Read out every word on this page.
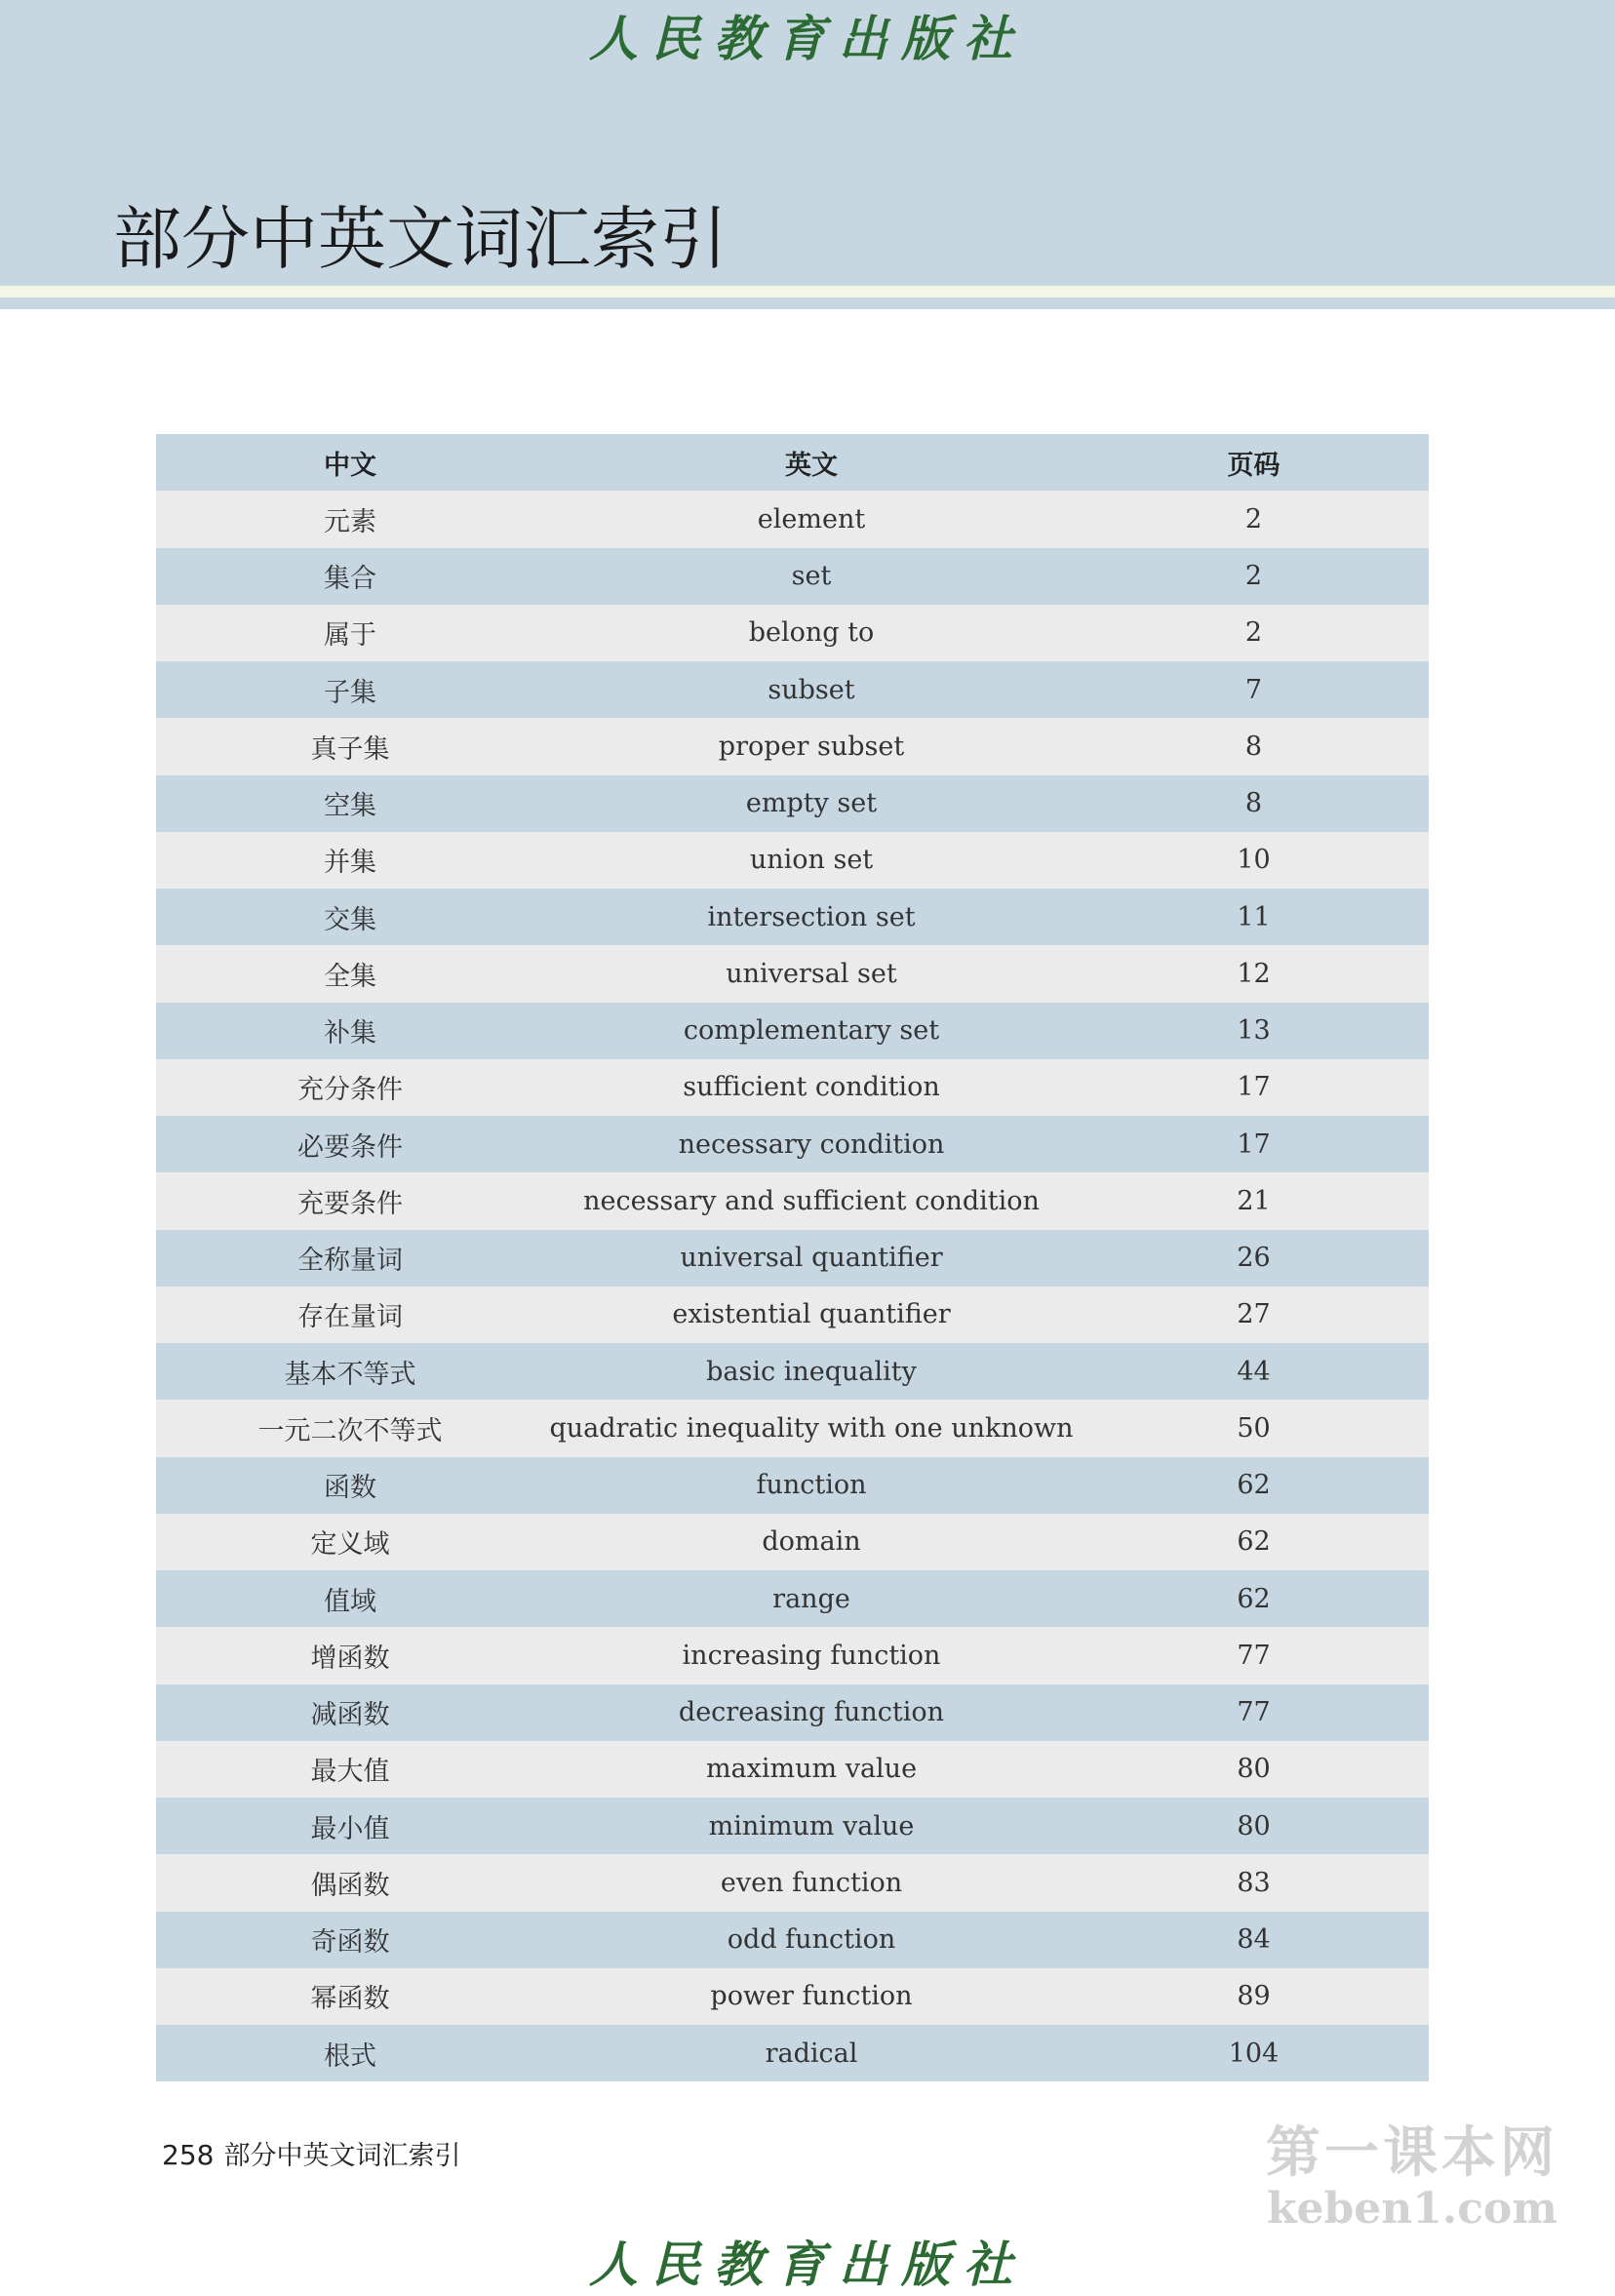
人民教育出版社
部分中英文词汇索引
中文	英文	页码
元素	element	2
集合	set	2
属于	belong to	2
子集	subset	7
真子集	proper subset	8
空集	empty set	8
并集	union set	10
交集	intersection set	11
全集	universal set	12
补集	complementary set	13
充分条件	sufficient condition	17
必要条件	necessary condition	17
充要条件	necessary and sufficient condition	21
全称量词	universal quantifier	26
存在量词	existential quantifier	27
基本不等式	basic inequality	44
一元二次不等式	quadratic inequality with one unknown	50
函数	function	62
定义域	domain	62
值域	range	62
增函数	increasing function	77
减函数	decreasing function	77
最大值	maximum value	80
最小值	minimum value	80
偶函数	even function	83
奇函数	odd function	84
幂函数	power function	89
根式	radical	104
258 部分中英文词汇索引	第一课本网
keben1.com
人民教育出版社
